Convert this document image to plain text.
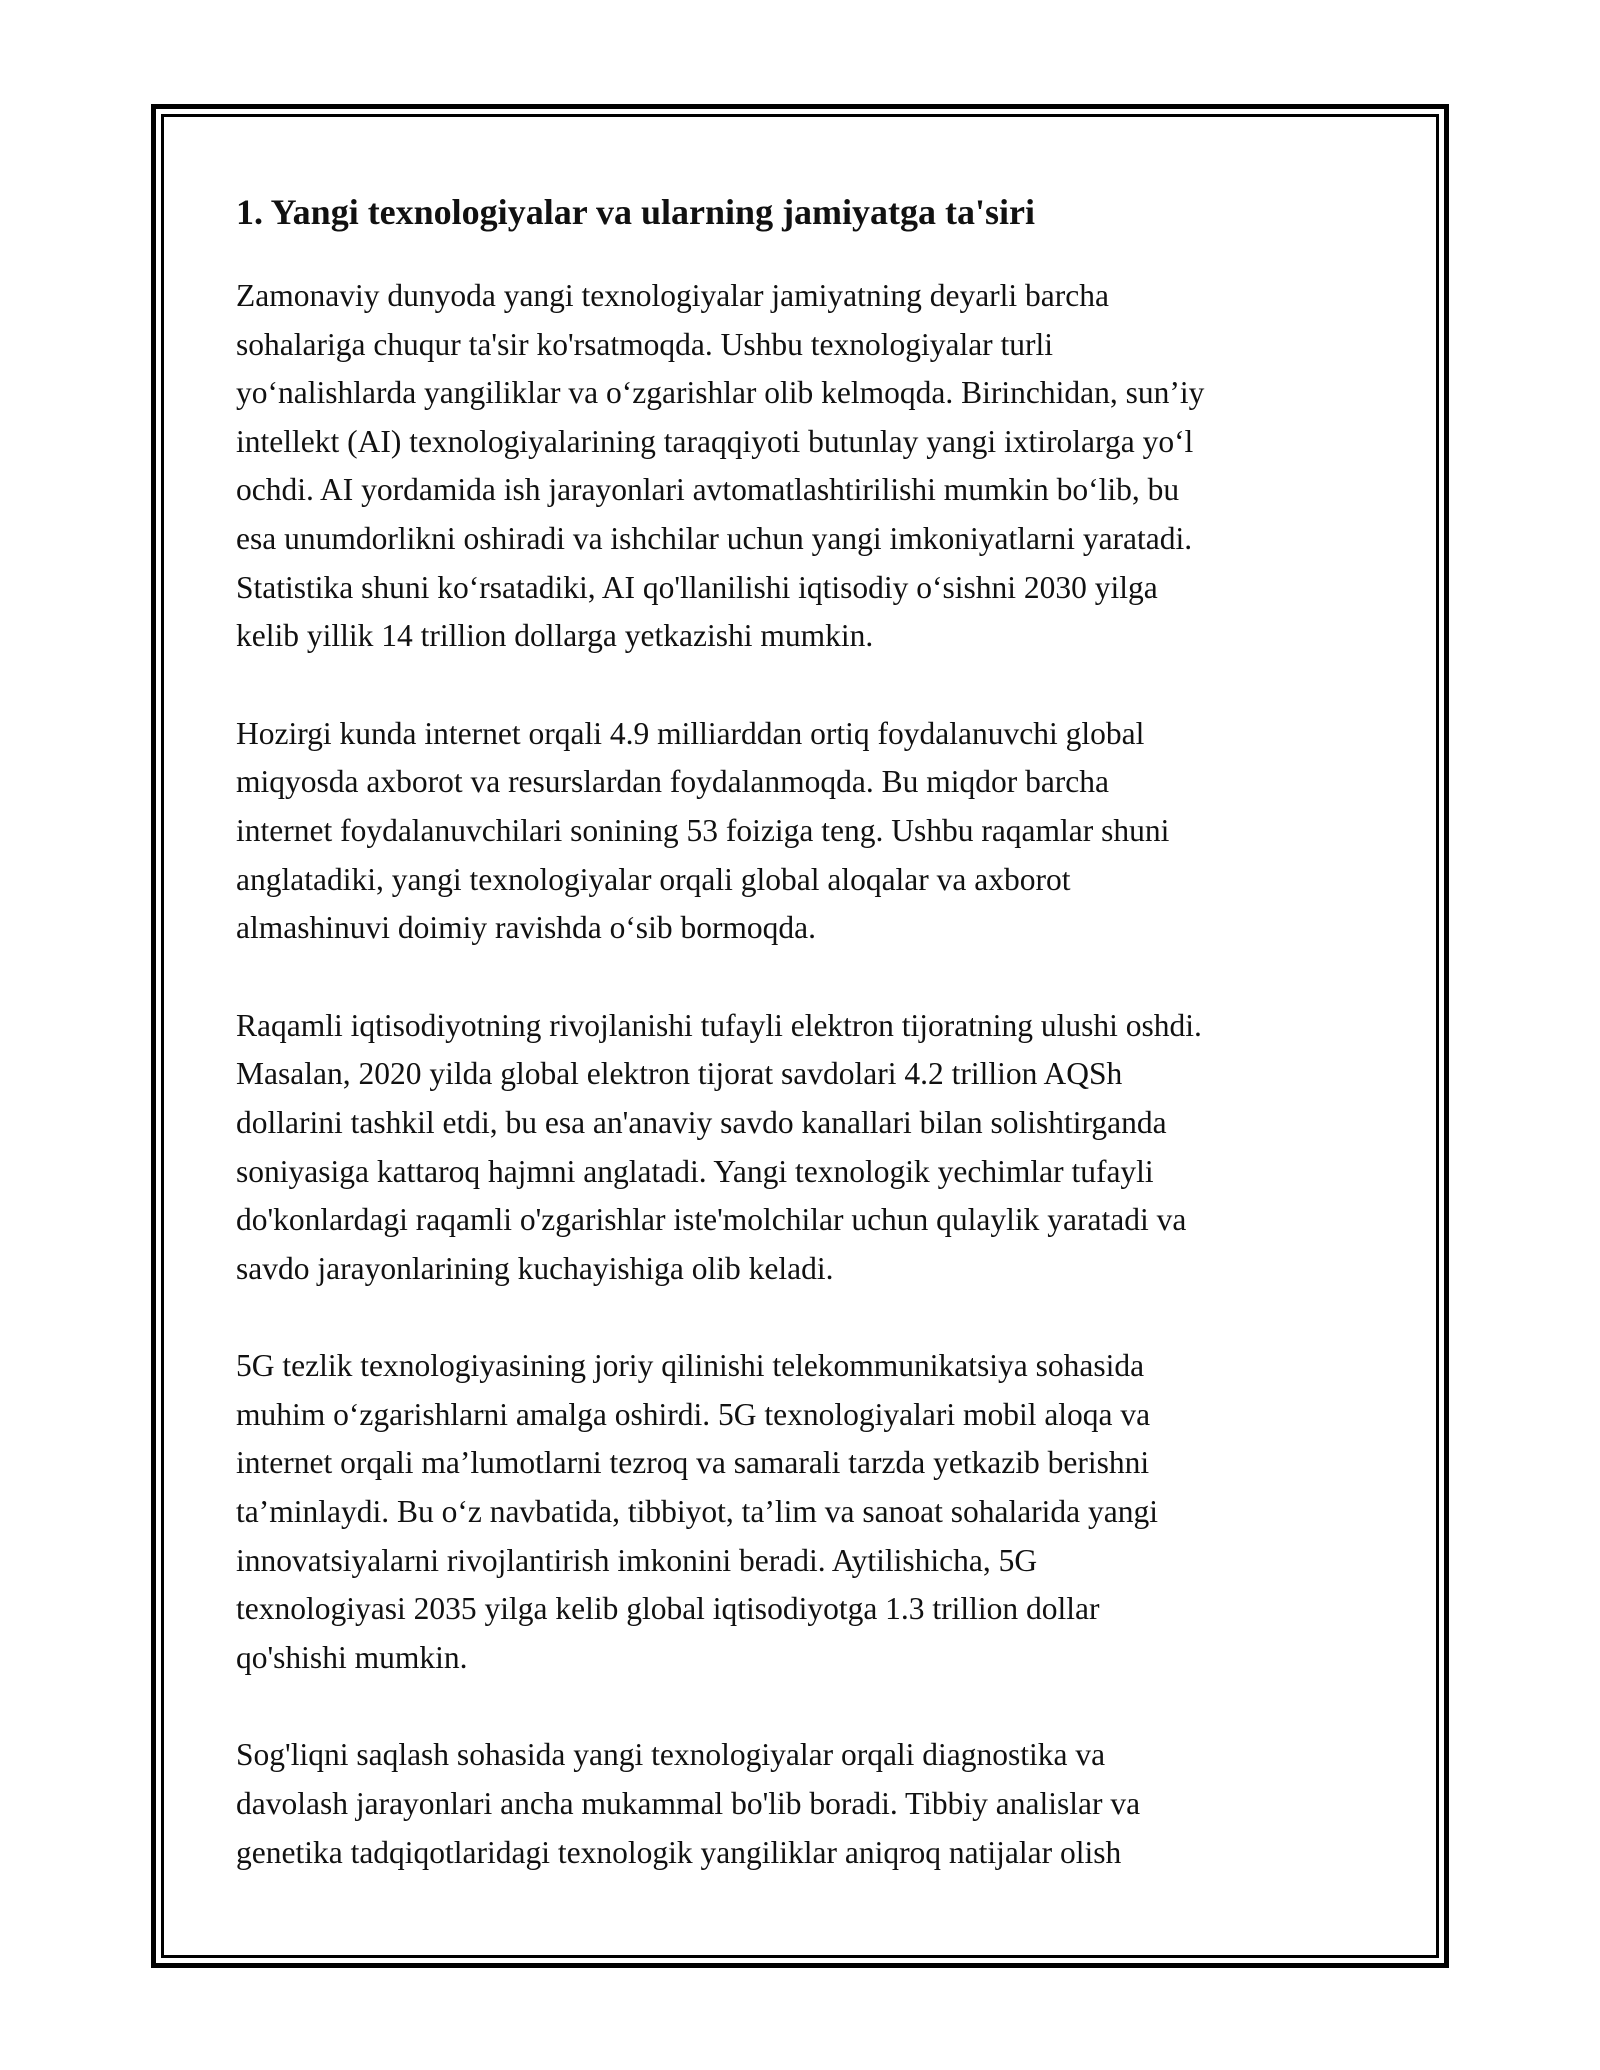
1. Yangi texnologiyalar va ularning jamiyatga ta'siri

Zamonaviy dunyoda yangi texnologiyalar jamiyatning deyarli barcha
sohalariga chuqur ta'sir ko'rsatmoqda. Ushbu texnologiyalar turli
yo‘nalishlarda yangiliklar va o‘zgarishlar olib kelmoqda. Birinchidan, sun’iy
intellekt (AI) texnologiyalarining taraqqiyoti butunlay yangi ixtirolarga yo‘l
ochdi. AI yordamida ish jarayonlari avtomatlashtirilishi mumkin bo‘lib, bu
esa unumdorlikni oshiradi va ishchilar uchun yangi imkoniyatlarni yaratadi.
Statistika shuni ko‘rsatadiki, AI qo'llanilishi iqtisodiy o‘sishni 2030 yilga
kelib yillik 14 trillion dollarga yetkazishi mumkin.

Hozirgi kunda internet orqali 4.9 milliarddan ortiq foydalanuvchi global
miqyosda axborot va resurslardan foydalanmoqda. Bu miqdor barcha
internet foydalanuvchilari sonining 53 foiziga teng. Ushbu raqamlar shuni
anglatadiki, yangi texnologiyalar orqali global aloqalar va axborot
almashinuvi doimiy ravishda o‘sib bormoqda.

Raqamli iqtisodiyotning rivojlanishi tufayli elektron tijoratning ulushi oshdi.
Masalan, 2020 yilda global elektron tijorat savdolari 4.2 trillion AQSh
dollarini tashkil etdi, bu esa an'anaviy savdo kanallari bilan solishtirganda
soniyasiga kattaroq hajmni anglatadi. Yangi texnologik yechimlar tufayli
do'konlardagi raqamli o'zgarishlar iste'molchilar uchun qulaylik yaratadi va
savdo jarayonlarining kuchayishiga olib keladi.

5G tezlik texnologiyasining joriy qilinishi telekommunikatsiya sohasida
muhim o‘zgarishlarni amalga oshirdi. 5G texnologiyalari mobil aloqa va
internet orqali ma’lumotlarni tezroq va samarali tarzda yetkazib berishni
ta’minlaydi. Bu o‘z navbatida, tibbiyot, ta’lim va sanoat sohalarida yangi
innovatsiyalarni rivojlantirish imkonini beradi. Aytilishicha, 5G
texnologiyasi 2035 yilga kelib global iqtisodiyotga 1.3 trillion dollar
qo'shishi mumkin.

Sog'liqni saqlash sohasida yangi texnologiyalar orqali diagnostika va
davolash jarayonlari ancha mukammal bo'lib boradi. Tibbiy analislar va
genetika tadqiqotlaridagi texnologik yangiliklar aniqroq natijalar olish
